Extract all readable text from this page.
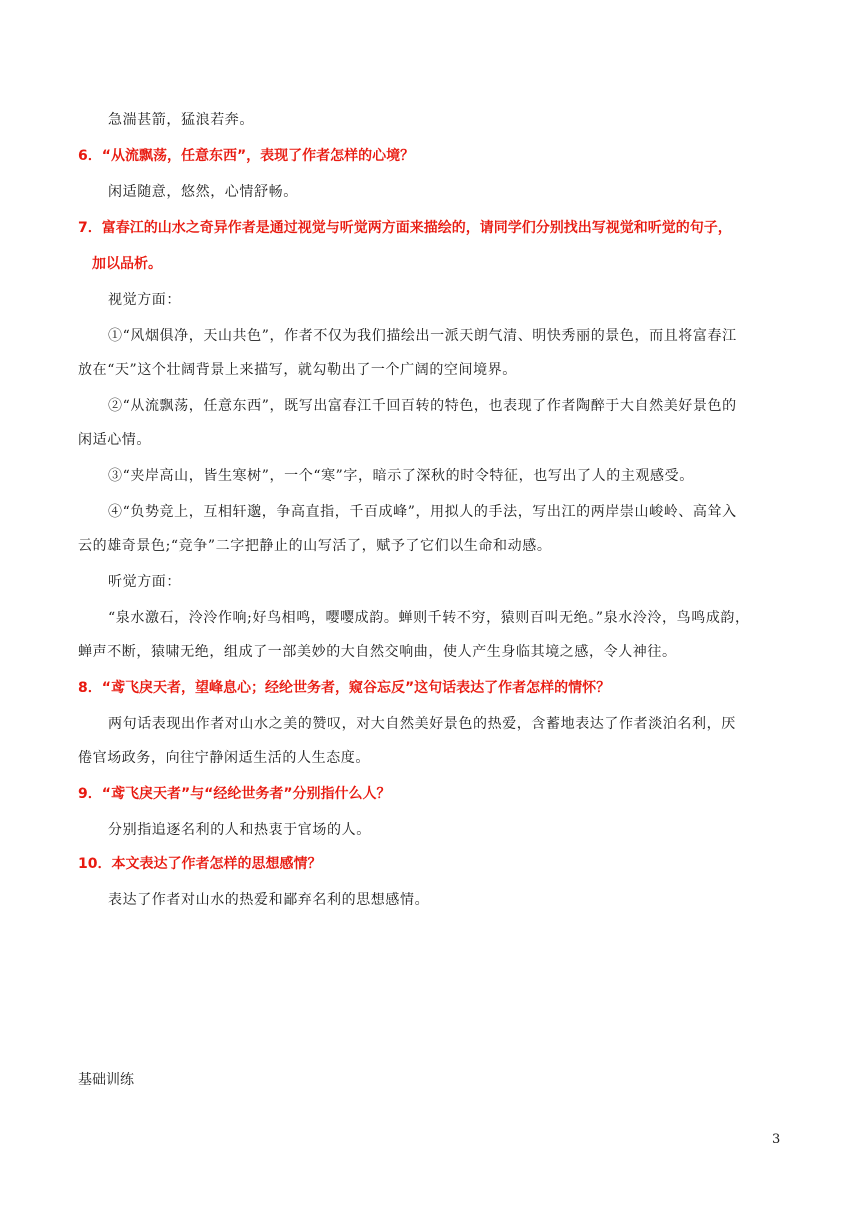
急湍甚箭，猛浪若奔。
6．“从流飘荡，任意东西”，表现了作者怎样的心境？
闲适随意，悠然，心情舒畅。
7．富春江的山水之奇异作者是通过视觉与听觉两方面来描绘的，请同学们分别找出写视觉和听觉的句子，
加以品析。
视觉方面：
①“风烟俱净，天山共色”，作者不仅为我们描绘出一派天朗气清、明快秀丽的景色，而且将富春江
放在“天”这个壮阔背景上来描写，就勾勒出了一个广阔的空间境界。
②“从流飘荡，任意东西”，既写出富春江千回百转的特色，也表现了作者陶醉于大自然美好景色的
闲适心情。
③“夹岸高山，皆生寒树”，一个“寒”字，暗示了深秋的时令特征，也写出了人的主观感受。
④“负势竞上，互相轩邈，争高直指，千百成峰”，用拟人的手法，写出江的两岸崇山峻岭、高耸入
云的雄奇景色;“竞争”二字把静止的山写活了，赋予了它们以生命和动感。
听觉方面：
“泉水激石，泠泠作响;好鸟相鸣，嘤嘤成韵。蝉则千转不穷，猿则百叫无绝。”泉水泠泠，鸟鸣成韵，
蝉声不断，猿啸无绝，组成了一部美妙的大自然交响曲，使人产生身临其境之感，令人神往。
8．“鸢飞戾天者，望峰息心；经纶世务者，窥谷忘反”这句话表达了作者怎样的情怀？
两句话表现出作者对山水之美的赞叹，对大自然美好景色的热爱，含蓄地表达了作者淡泊名利，厌
倦官场政务，向往宁静闲适生活的人生态度。
9．“鸢飞戾天者”与“经纶世务者”分别指什么人？
分别指追逐名利的人和热衷于官场的人。
10．本文表达了作者怎样的思想感情？
表达了作者对山水的热爱和鄙弃名利的思想感情。
基础训练
3
